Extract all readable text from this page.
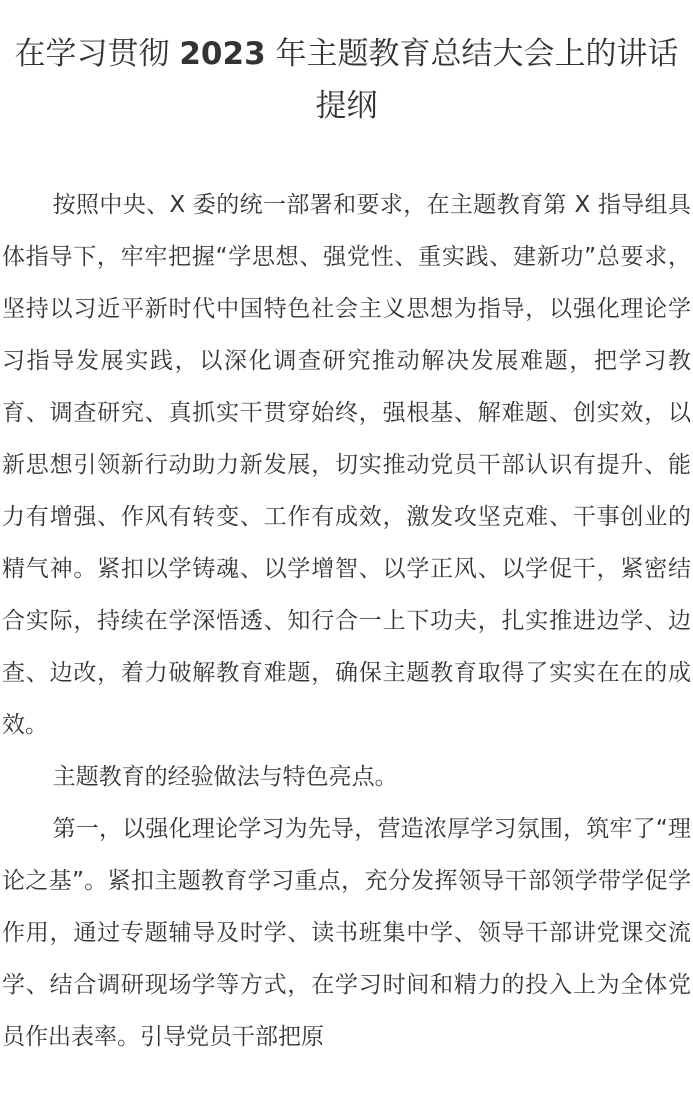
在学习贯彻 2023 年主题教育总结大会上的讲话提纲

按照中央、X 委的统一部署和要求，在主题教育第 X 指导组具体指导下，牢牢把握“学思想、强党性、重实践、建新功”总要求，坚持以习近平新时代中国特色社会主义思想为指导，以强化理论学习指导发展实践，以深化调查研究推动解决发展难题，把学习教育、调查研究、真抓实干贯穿始终，强根基、解难题、创实效，以新思想引领新行动助力新发展，切实推动党员干部认识有提升、能力有增强、作风有转变、工作有成效，激发攻坚克难、干事创业的精气神。紧扣以学铸魂、以学增智、以学正风、以学促干，紧密结合实际，持续在学深悟透、知行合一上下功夫，扎实推进边学、边查、边改，着力破解教育难题，确保主题教育取得了实实在在的成效。

主题教育的经验做法与特色亮点。

第一，以强化理论学习为先导，营造浓厚学习氛围，筑牢了“理论之基”。紧扣主题教育学习重点，充分发挥领导干部领学带学促学作用，通过专题辅导及时学、读书班集中学、领导干部讲党课交流学、结合调研现场学等方式，在学习时间和精力的投入上为全体党员作出表率。引导党员干部把原
